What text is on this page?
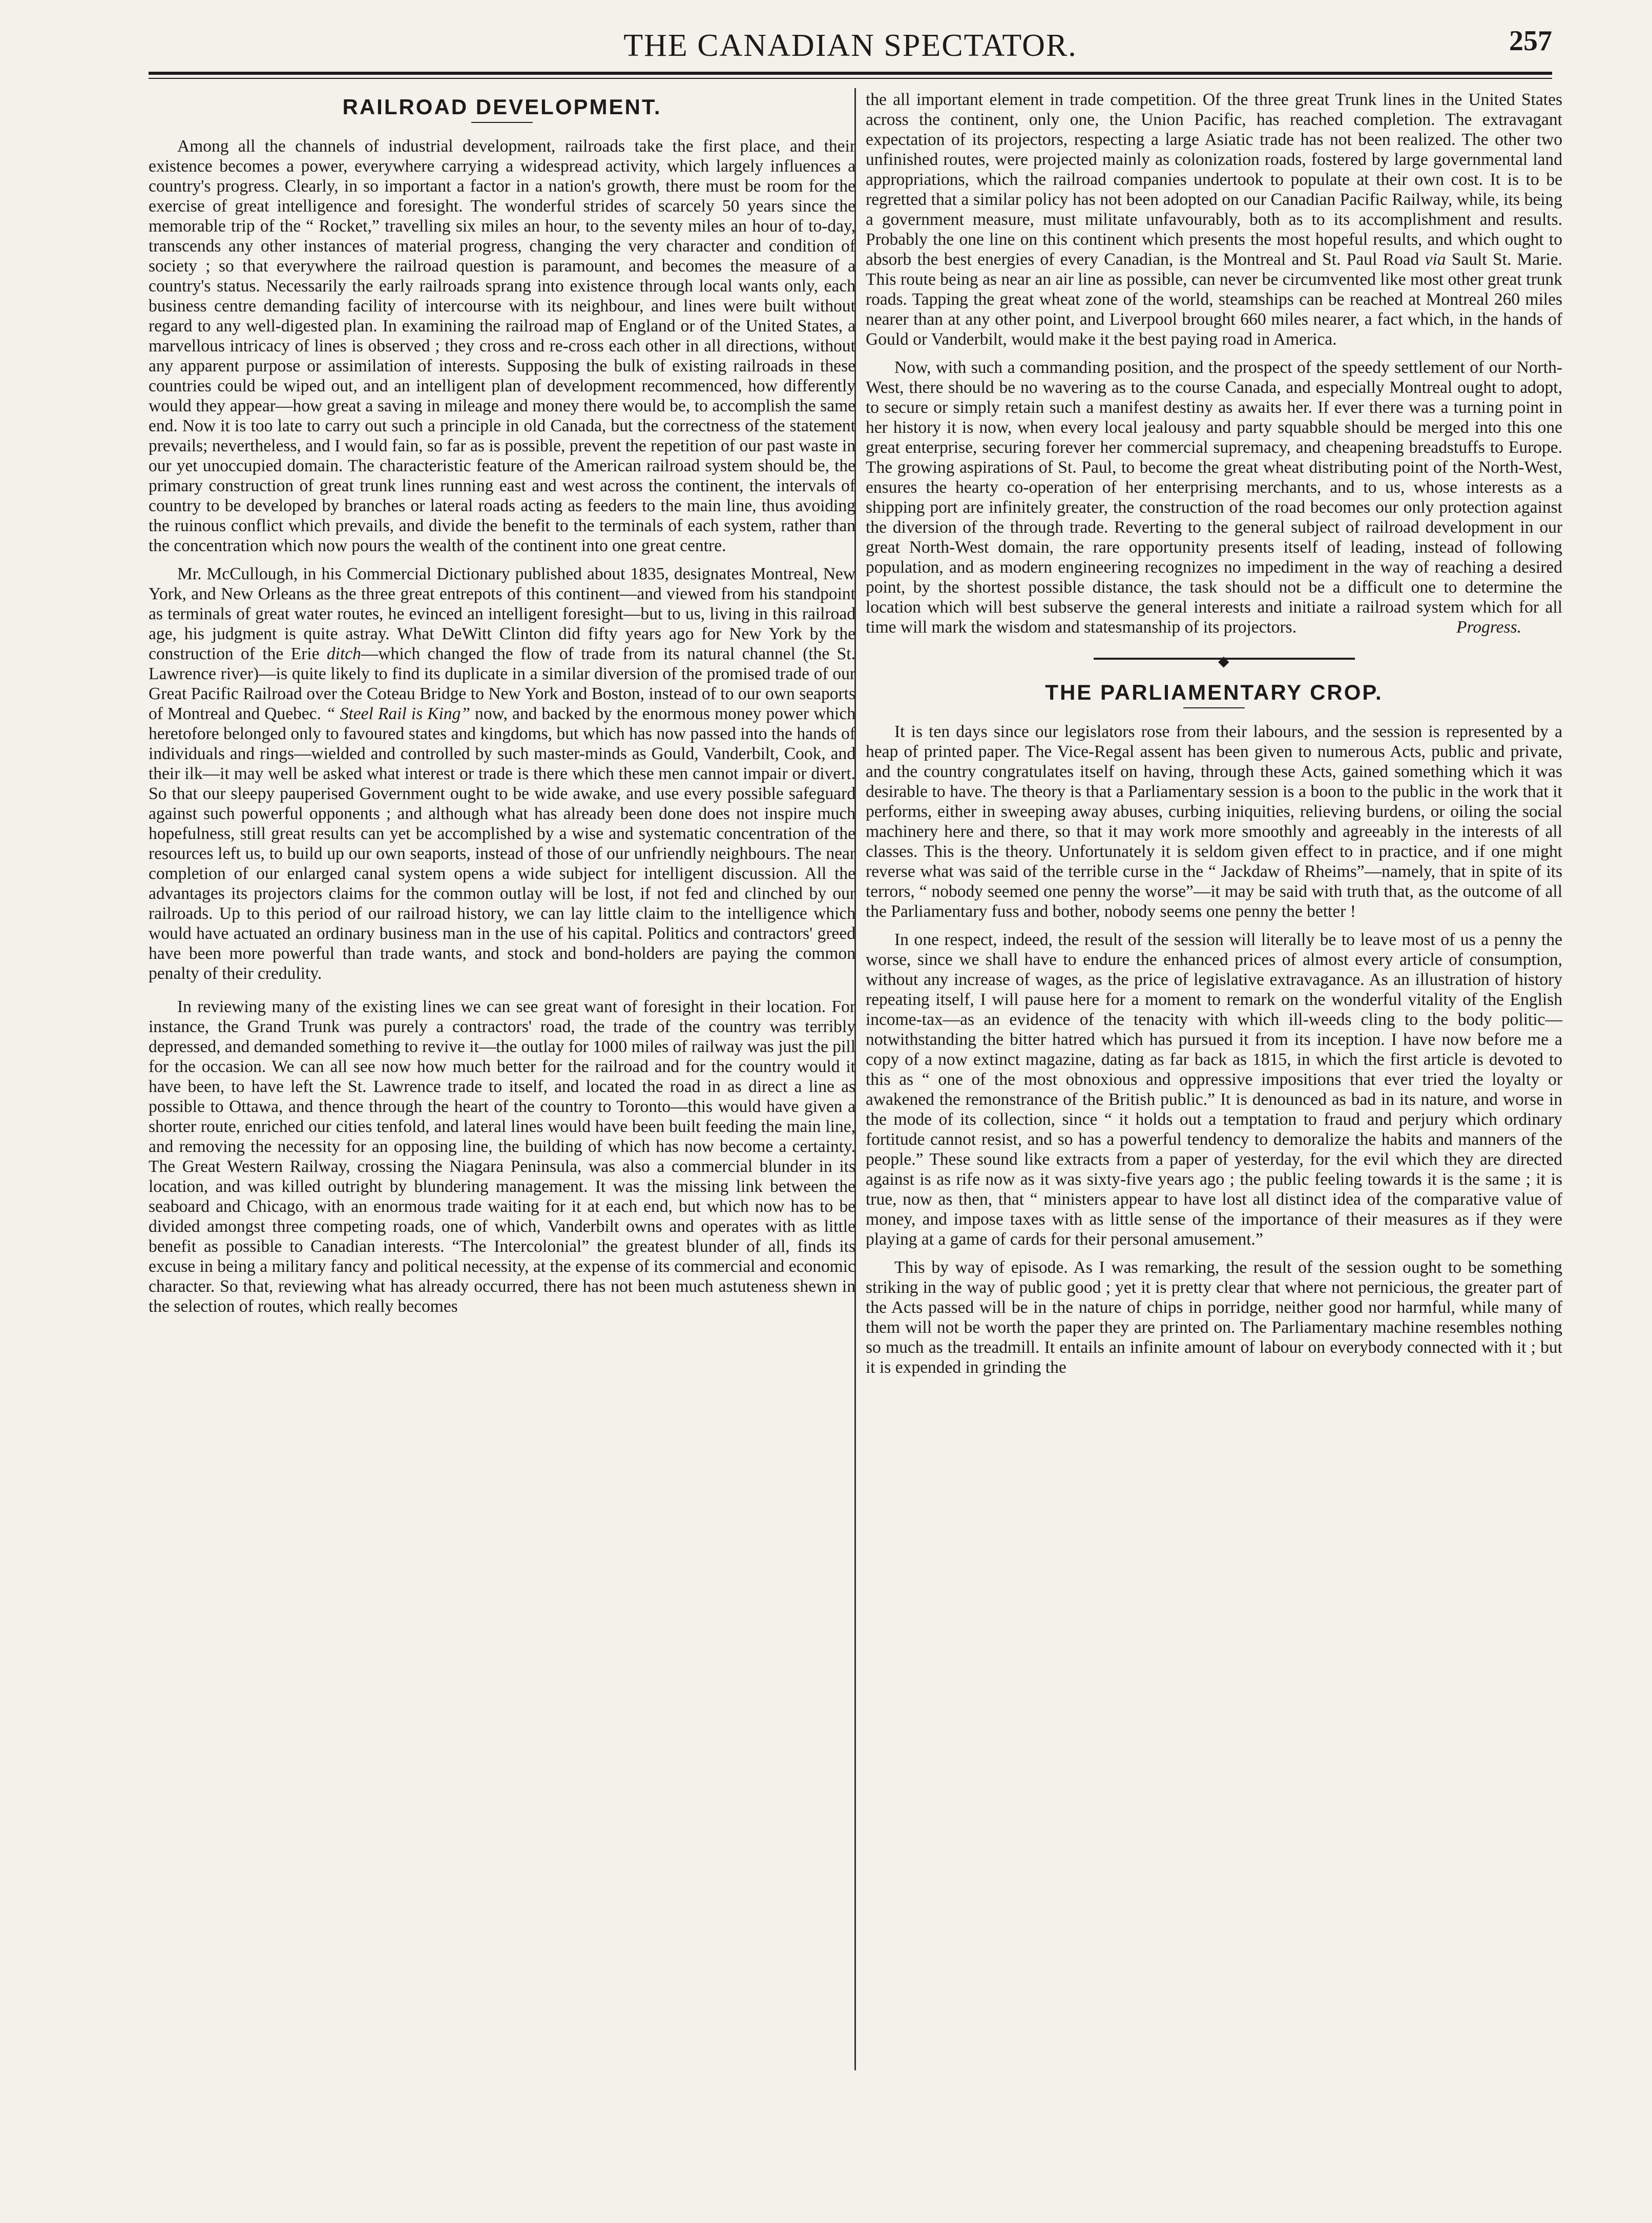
THE CANADIAN SPECTATOR.	257
RAILROAD DEVELOPMENT.

Among all the channels of industrial development, railroads take the first place, and their existence becomes a power, everywhere carrying a widespread activity, which largely influences a country's progress. Clearly, in so important a factor in a nation's growth, there must be room for the exercise of great intelligence and foresight. The wonderful strides of scarcely 50 years since the memorable trip of the “ Rocket,” travelling six miles an hour, to the seventy miles an hour of to-day, transcends any other instances of material progress, changing the very character and condition of society ; so that everywhere the railroad question is paramount, and becomes the measure of a country's status. Necessarily the early railroads sprang into existence through local wants only, each business centre demanding facility of intercourse with its neighbour, and lines were built without regard to any well-digested plan. In examining the railroad map of England or of the United States, a marvellous intricacy of lines is observed ; they cross and re-cross each other in all directions, without any apparent purpose or assimilation of interests. Supposing the bulk of existing railroads in these countries could be wiped out, and an intelligent plan of development recommenced, how differently would they appear—how great a saving in mileage and money there would be, to accomplish the same end. Now it is too late to carry out such a principle in old Canada, but the correctness of the statement prevails; nevertheless, and I would fain, so far as is possible, prevent the repetition of our past waste in our yet unoccupied domain. The characteristic feature of the American railroad system should be, the primary construction of great trunk lines running east and west across the continent, the intervals of country to be developed by branches or lateral roads acting as feeders to the main line, thus avoiding the ruinous conflict which prevails, and divide the benefit to the terminals of each system, rather than the concentration which now pours the wealth of the continent into one great centre.

Mr. McCullough, in his Commercial Dictionary published about 1835, designates Montreal, New York, and New Orleans as the three great entrepots of this continent—and viewed from his standpoint as terminals of great water routes, he evinced an intelligent foresight—but to us, living in this railroad age, his judgment is quite astray. What DeWitt Clinton did fifty years ago for New York by the construction of the Erie ditch—which changed the flow of trade from its natural channel (the St. Lawrence river)—is quite likely to find its duplicate in a similar diversion of the promised trade of our Great Pacific Railroad over the Coteau Bridge to New York and Boston, instead of to our own seaports of Montreal and Quebec. “ Steel Rail is King” now, and backed by the enormous money power which heretofore belonged only to favoured states and kingdoms, but which has now passed into the hands of individuals and rings—wielded and controlled by such master-minds as Gould, Vanderbilt, Cook, and their ilk—it may well be asked what interest or trade is there which these men cannot impair or divert. So that our sleepy pauperised Government ought to be wide awake, and use every possible safeguard against such powerful opponents ; and although what has already been done does not inspire much hopefulness, still great results can yet be accomplished by a wise and systematic concentration of the resources left us, to build up our own seaports, instead of those of our unfriendly neighbours. The near completion of our enlarged canal system opens a wide subject for intelligent discussion. All the advantages its projectors claims for the common outlay will be lost, if not fed and clinched by our railroads. Up to this period of our railroad history, we can lay little claim to the intelligence which would have actuated an ordinary business man in the use of his capital. Politics and contractors' greed have been more powerful than trade wants, and stock and bond-holders are paying the common penalty of their credulity.

In reviewing many of the existing lines we can see great want of foresight in their location. For instance, the Grand Trunk was purely a contractors' road, the trade of the country was terribly depressed, and demanded something to revive it—the outlay for 1000 miles of railway was just the pill for the occasion. We can all see now how much better for the railroad and for the country would it have been, to have left the St. Lawrence trade to itself, and located the road in as direct a line as possible to Ottawa, and thence through the heart of the country to Toronto—this would have given a shorter route, enriched our cities tenfold, and lateral lines would have been built feeding the main line, and removing the necessity for an opposing line, the building of which has now become a certainty. The Great Western Railway, crossing the Niagara Peninsula, was also a commercial blunder in its location, and was killed outright by blundering management. It was the missing link between the seaboard and Chicago, with an enormous trade waiting for it at each end, but which now has to be divided amongst three competing roads, one of which, Vanderbilt owns and operates with as little benefit as possible to Canadian interests. “The Intercolonial” the greatest blunder of all, finds its excuse in being a military fancy and political necessity, at the expense of its commercial and economic character. So that, reviewing what has already occurred, there has not been much astuteness shewn in the selection of routes, which really becomes

the all important element in trade competition. Of the three great Trunk lines in the United States across the continent, only one, the Union Pacific, has reached completion. The extravagant expectation of its projectors, respecting a large Asiatic trade has not been realized. The other two unfinished routes, were projected mainly as colonization roads, fostered by large governmental land appropriations, which the railroad companies undertook to populate at their own cost. It is to be regretted that a similar policy has not been adopted on our Canadian Pacific Railway, while, its being a government measure, must militate unfavourably, both as to its accomplishment and results. Probably the one line on this continent which presents the most hopeful results, and which ought to absorb the best energies of every Canadian, is the Montreal and St. Paul Road via Sault St. Marie. This route being as near an air line as possible, can never be circumvented like most other great trunk roads. Tapping the great wheat zone of the world, steamships can be reached at Montreal 260 miles nearer than at any other point, and Liverpool brought 660 miles nearer, a fact which, in the hands of Gould or Vanderbilt, would make it the best paying road in America.

Now, with such a commanding position, and the prospect of the speedy settlement of our North-West, there should be no wavering as to the course Canada, and especially Montreal ought to adopt, to secure or simply retain such a manifest destiny as awaits her. If ever there was a turning point in her history it is now, when every local jealousy and party squabble should be merged into this one great enterprise, securing forever her commercial supremacy, and cheapening breadstuffs to Europe. The growing aspirations of St. Paul, to become the great wheat distributing point of the North-West, ensures the hearty co-operation of her enterprising merchants, and to us, whose interests as a shipping port are infinitely greater, the construction of the road becomes our only protection against the diversion of the through trade. Reverting to the general subject of railroad development in our great North-West domain, the rare opportunity presents itself of leading, instead of following population, and as modern engineering recognizes no impediment in the way of reaching a desired point, by the shortest possible distance, the task should not be a difficult one to determine the location which will best subserve the general interests and initiate a railroad system which for all time will mark the wisdom and statesmanship of its projectors.	Progress.

◆
THE PARLIAMENTARY CROP.

It is ten days since our legislators rose from their labours, and the session is represented by a heap of printed paper. The Vice-Regal assent has been given to numerous Acts, public and private, and the country congratulates itself on having, through these Acts, gained something which it was desirable to have. The theory is that a Parliamentary session is a boon to the public in the work that it performs, either in sweeping away abuses, curbing iniquities, relieving burdens, or oiling the social machinery here and there, so that it may work more smoothly and agreeably in the interests of all classes. This is the theory. Unfortunately it is seldom given effect to in practice, and if one might reverse what was said of the terrible curse in the “ Jackdaw of Rheims”—namely, that in spite of its terrors, “ nobody seemed one penny the worse”—it may be said with truth that, as the outcome of all the Parliamentary fuss and bother, nobody seems one penny the better !

In one respect, indeed, the result of the session will literally be to leave most of us a penny the worse, since we shall have to endure the enhanced prices of almost every article of consumption, without any increase of wages, as the price of legislative extravagance. As an illustration of history repeating itself, I will pause here for a moment to remark on the wonderful vitality of the English income-tax—as an evidence of the tenacity with which ill-weeds cling to the body politic—notwithstanding the bitter hatred which has pursued it from its inception. I have now before me a copy of a now extinct magazine, dating as far back as 1815, in which the first article is devoted to this as “ one of the most obnoxious and oppressive impositions that ever tried the loyalty or awakened the remonstrance of the British public.” It is denounced as bad in its nature, and worse in the mode of its collection, since “ it holds out a temptation to fraud and perjury which ordinary fortitude cannot resist, and so has a powerful tendency to demoralize the habits and manners of the people.” These sound like extracts from a paper of yesterday, for the evil which they are directed against is as rife now as it was sixty-five years ago ; the public feeling towards it is the same ; it is true, now as then, that “ ministers appear to have lost all distinct idea of the comparative value of money, and impose taxes with as little sense of the importance of their measures as if they were playing at a game of cards for their personal amusement.”

This by way of episode. As I was remarking, the result of the session ought to be something striking in the way of public good ; yet it is pretty clear that where not pernicious, the greater part of the Acts passed will be in the nature of chips in porridge, neither good nor harmful, while many of them will not be worth the paper they are printed on. The Parliamentary machine resembles nothing so much as the treadmill. It entails an infinite amount of labour on everybody connected with it ; but it is expended in grinding the
